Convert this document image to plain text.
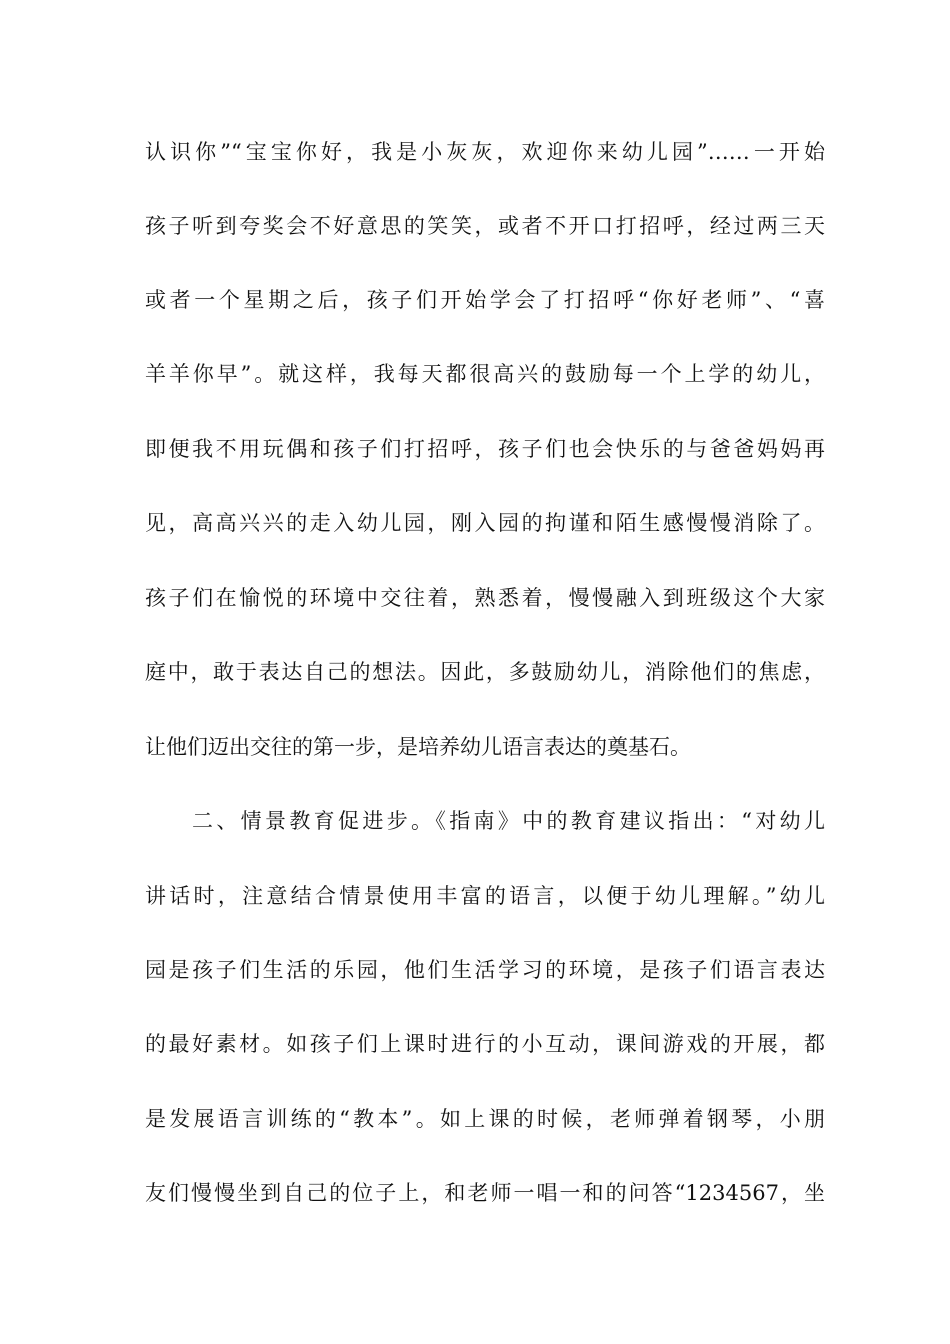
认识你”“宝宝你好，我是小灰灰，欢迎你来幼儿园”……一开始
孩子听到夸奖会不好意思的笑笑，或者不开口打招呼，经过两三天
或者一个星期之后，孩子们开始学会了打招呼“你好老师”、“喜
羊羊你早”。就这样，我每天都很高兴的鼓励每一个上学的幼儿，
即便我不用玩偶和孩子们打招呼，孩子们也会快乐的与爸爸妈妈再
见，高高兴兴的走入幼儿园，刚入园的拘谨和陌生感慢慢消除了。
孩子们在愉悦的环境中交往着，熟悉着，慢慢融入到班级这个大家
庭中，敢于表达自己的想法。因此，多鼓励幼儿，消除他们的焦虑，
让他们迈出交往的第一步，是培养幼儿语言表达的奠基石。
二、情景教育促进步。《指南》中的教育建议指出：“对幼儿
讲话时，注意结合情景使用丰富的语言，以便于幼儿理解。”幼儿
园是孩子们生活的乐园，他们生活学习的环境，是孩子们语言表达
的最好素材。如孩子们上课时进行的小互动，课间游戏的开展，都
是发展语言训练的“教本”。如上课的时候，老师弹着钢琴，小朋
友们慢慢坐到自己的位子上，和老师一唱一和的问答“1234567，坐
